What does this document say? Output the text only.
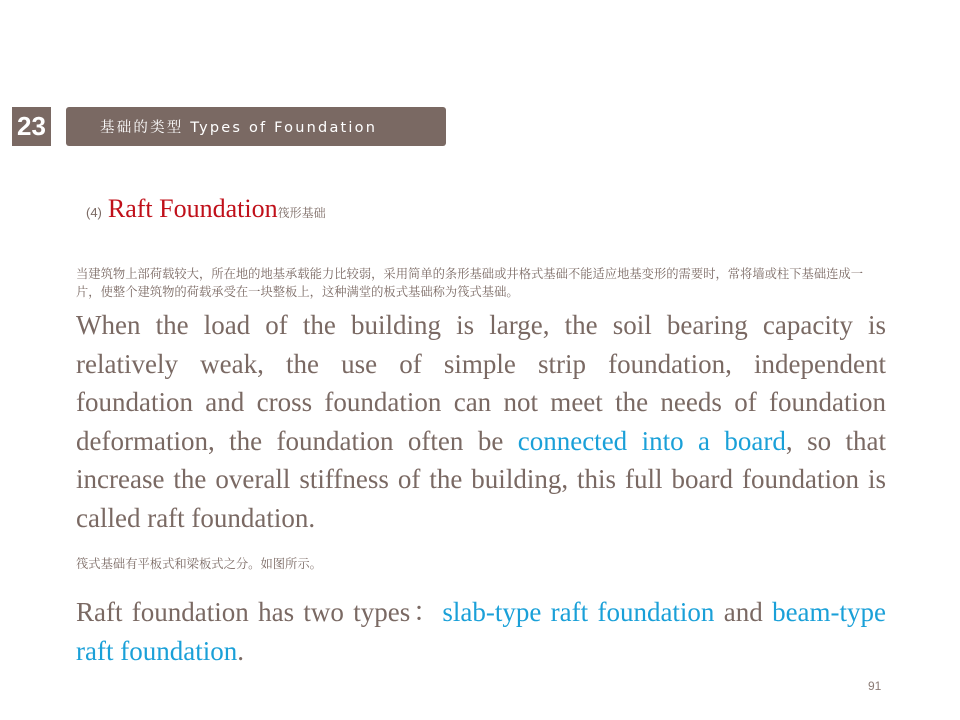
23	基础的类型 Types of Foundation
(4) Raft Foundation筏形基础
当建筑物上部荷载较大，所在地的地基承载能力比较弱，采用简单的条形基础或井格式基础不能适应地基变形的需要时，常将墙或柱下基础连成一片，使整个建筑物的荷载承受在一块整板上，这种满堂的板式基础称为筏式基础。
When the load of the building is large, the soil bearing capacity is relatively weak, the use of simple strip foundation, independent foundation and cross foundation can not meet the needs of foundation deformation, the foundation often be connected into a board, so that increase the overall stiffness of the building, this full board foundation is called raft foundation.
筏式基础有平板式和梁板式之分。如图所示。
Raft foundation has two types：slab-type raft foundation and beam-type raft foundation.
91
